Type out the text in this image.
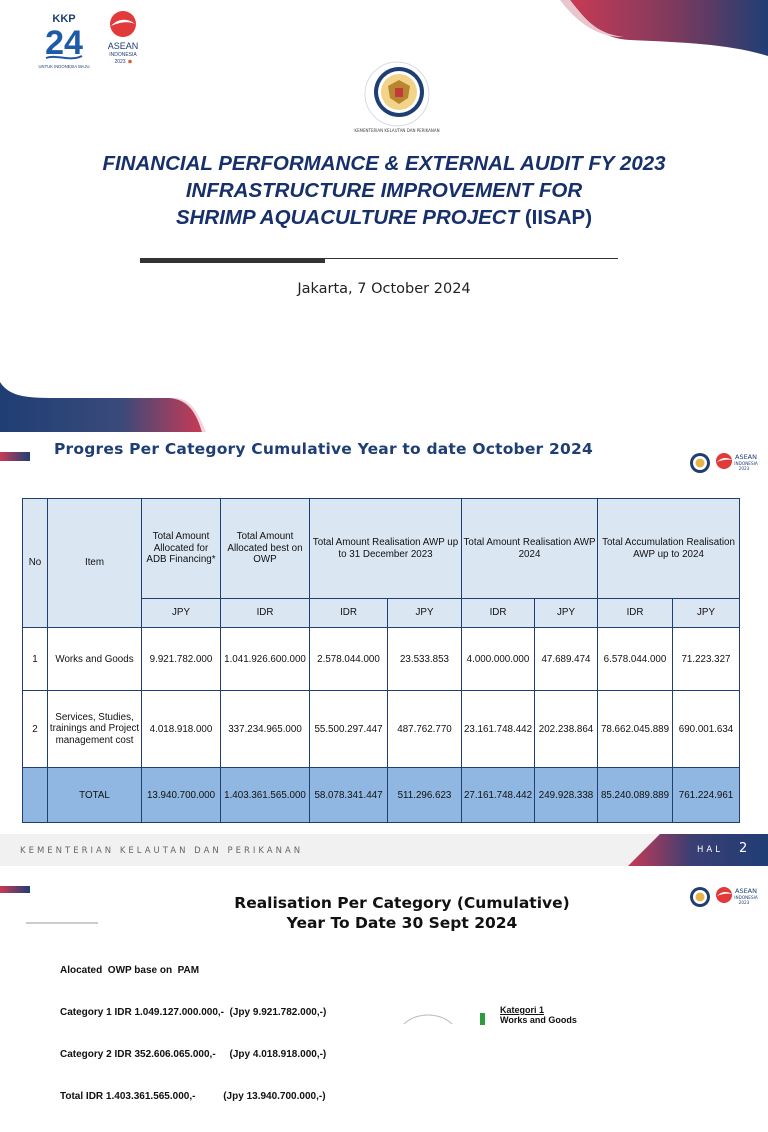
KKP
24
UNTUK INDONESIA MAJU
ASEAN
INDONESIA
2023
KEMENTERIAN KELAUTAN DAN PERIKANAN
FINANCIAL PERFORMANCE & EXTERNAL AUDIT FY 2023
INFRASTRUCTURE IMPROVEMENT FOR
SHRIMP AQUACULTURE PROJECT (IISAP)
Jakarta, 7 October 2024
Progres Per Category Cumulative Year to date October 2024	ASEAN
INDONESIA
2023
No	Item	Total Amount Allocated for ADB Financing*	Total Amount Allocated best on OWP	Total Amount Realisation AWP up to 31 December 2023		Total Amount Realisation AWP 2024		Total Accumulation Realisation AWP up to 2024	
		JPY	IDR	IDR	JPY	IDR	JPY	IDR	JPY
1	Works and Goods	9.921.782.000	1.041.926.600.000	2.578.044.000	23.533.853	4.000.000.000	47.689.474	6.578.044.000	71.223.327
2	Services, Studies, trainings and Project management cost	4.018.918.000	337.234.965.000	55.500.297.447	487.762.770	23.161.748.442	202.238.864	78.662.045.889	690.001.634
	TOTAL	13.940.700.000	1.403.361.565.000	58.078.341.447	511.296.623	27.161.748.442	249.928.338	85.240.089.889	761.224.961
KEMENTERIAN KELAUTAN DAN PERIKANAN	HAL 2
ASEAN
INDONESIA
2023
Realisation Per Category (Cumulative)
Year To Date 30 Sept 2024

Alocated  OWP base on  PAM

Category 1 IDR 1.049.127.000.000,-  (Jpy 9.921.782.000,-)

Category 2 IDR 352.606.065.000,-     (Jpy 4.018.918.000,-)

Total IDR 1.403.361.565.000,-          (Jpy 13.940.700.000,-)

Kategori 1
Works and Goods
